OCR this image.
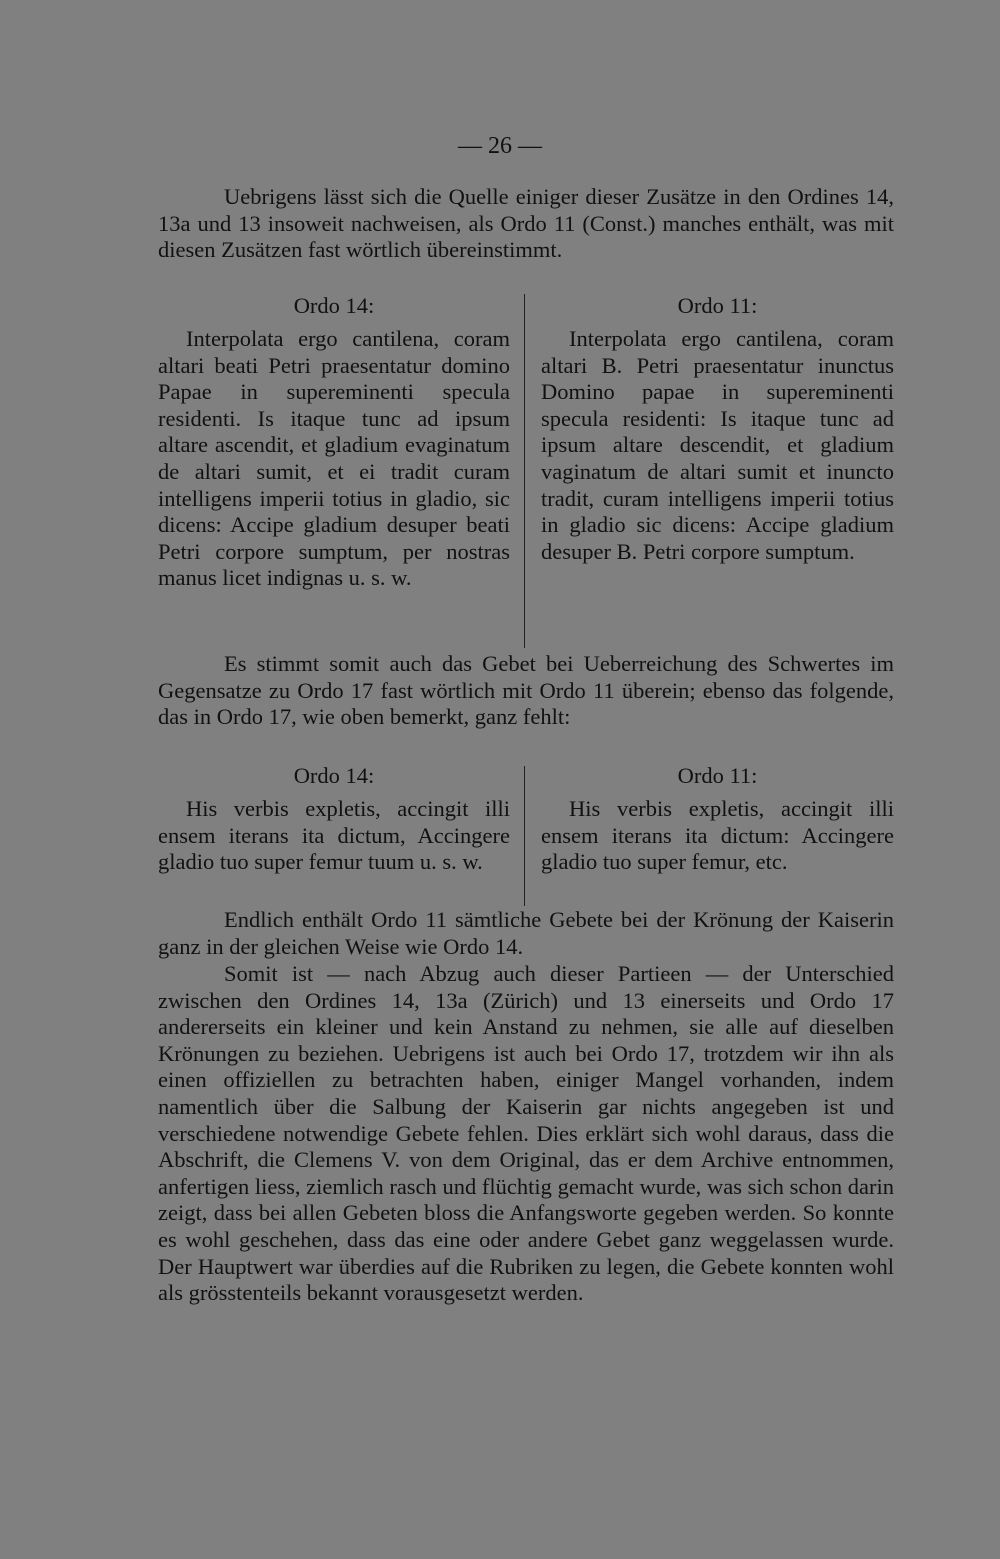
— 26 —

Uebrigens lässt sich die Quelle einiger dieser Zusätze in den Ordines 14, 13a und 13 insoweit nachweisen, als Ordo 11 (Const.) manches enthält, was mit diesen Zusätzen fast wörtlich übereinstimmt.

Ordo 14:	Ordo 11:

Interpolata ergo cantilena, coram altari beati Petri praesentatur domino Papae in supereminenti specula residenti. Is itaque tunc ad ipsum altare ascendit, et gladium evaginatum de altari sumit, et ei tradit curam intelligens imperii totius in gladio, sic dicens: Accipe gladium desuper beati Petri corpore sumptum, per nostras manus licet indignas u. s. w.

Interpolata ergo cantilena, coram altari B. Petri praesentatur inunctus Domino papae in supereminenti specula residenti: Is itaque tunc ad ipsum altare descendit, et gladium vaginatum de altari sumit et inuncto tradit, curam intelligens imperii totius in gladio sic dicens: Accipe gladium desuper B. Petri corpore sumptum.

Es stimmt somit auch das Gebet bei Ueberreichung des Schwertes im Gegensatze zu Ordo 17 fast wörtlich mit Ordo 11 überein; ebenso das folgende, das in Ordo 17, wie oben bemerkt, ganz fehlt:

Ordo 14:	Ordo 11:

His verbis expletis, accingit illi ensem iterans ita dictum, Accingere gladio tuo super femur tuum u. s. w.

His verbis expletis, accingit illi ensem iterans ita dictum: Accingere gladio tuo super femur, etc.

Endlich enthält Ordo 11 sämtliche Gebete bei der Krönung der Kaiserin ganz in der gleichen Weise wie Ordo 14.

Somit ist — nach Abzug auch dieser Partieen — der Unterschied zwischen den Ordines 14, 13a (Zürich) und 13 einerseits und Ordo 17 andererseits ein kleiner und kein Anstand zu nehmen, sie alle auf dieselben Krönungen zu beziehen. Uebrigens ist auch bei Ordo 17, trotzdem wir ihn als einen offiziellen zu betrachten haben, einiger Mangel vorhanden, indem namentlich über die Salbung der Kaiserin gar nichts angegeben ist und verschiedene notwendige Gebete fehlen. Dies erklärt sich wohl daraus, dass die Abschrift, die Clemens V. von dem Original, das er dem Archive entnommen, anfertigen liess, ziemlich rasch und flüchtig gemacht wurde, was sich schon darin zeigt, dass bei allen Gebeten bloss die Anfangsworte gegeben werden. So konnte es wohl geschehen, dass das eine oder andere Gebet ganz weggelassen wurde. Der Hauptwert war überdies auf die Rubriken zu legen, die Gebete konnten wohl als grösstenteils bekannt vorausgesetzt werden.
